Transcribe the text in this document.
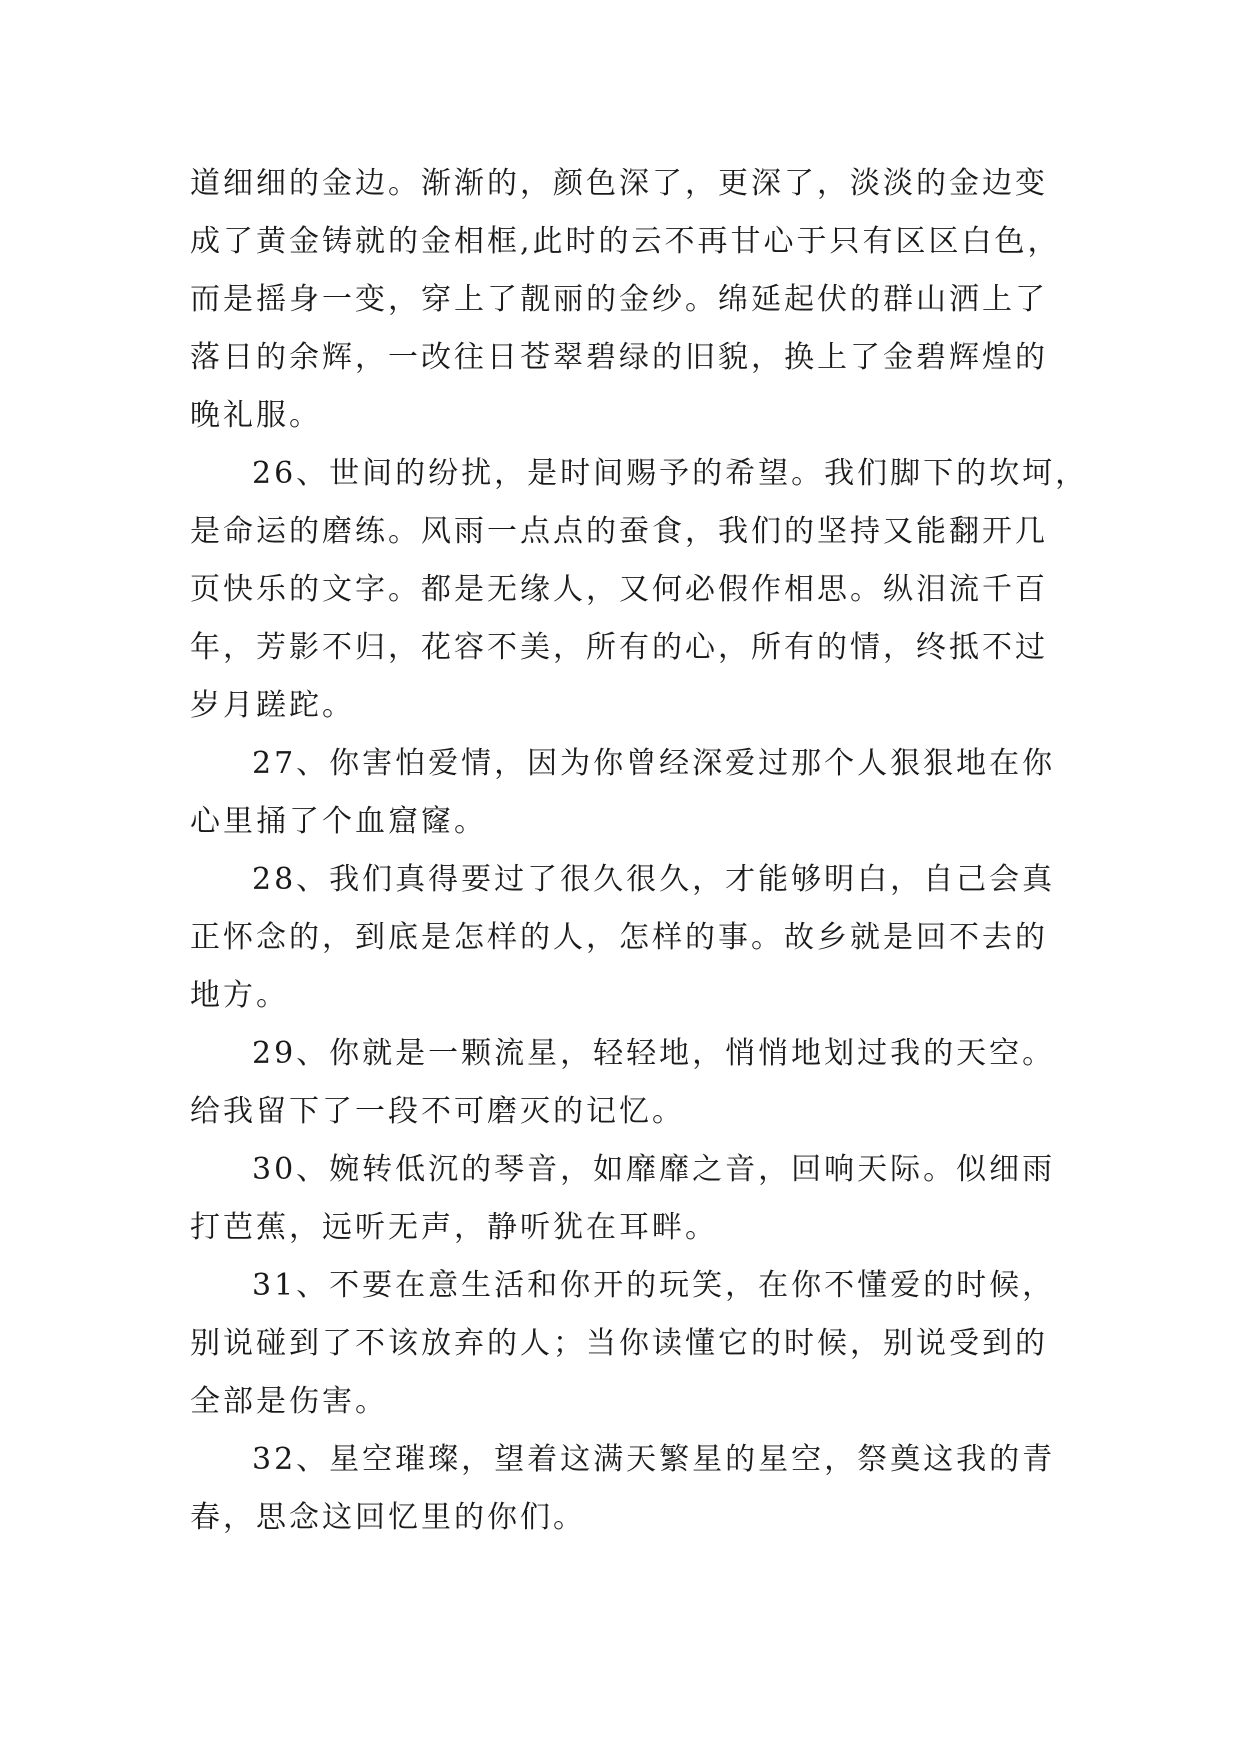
道细细的金边。渐渐的，颜色深了，更深了，淡淡的金边变
成了黄金铸就的金相框,此时的云不再甘心于只有区区白色，
而是摇身一变，穿上了靓丽的金纱。绵延起伏的群山洒上了
落日的余辉，一改往日苍翠碧绿的旧貌，换上了金碧辉煌的
晚礼服。
26、世间的纷扰，是时间赐予的希望。我们脚下的坎坷，
是命运的磨练。风雨一点点的蚕食，我们的坚持又能翻开几
页快乐的文字。都是无缘人，又何必假作相思。纵泪流千百
年，芳影不归，花容不美，所有的心，所有的情，终抵不过
岁月蹉跎。
27、你害怕爱情，因为你曾经深爱过那个人狠狠地在你
心里捅了个血窟窿。
28、我们真得要过了很久很久，才能够明白，自己会真
正怀念的，到底是怎样的人，怎样的事。故乡就是回不去的
地方。
29、你就是一颗流星，轻轻地，悄悄地划过我的天空。
给我留下了一段不可磨灭的记忆。
30、婉转低沉的琴音，如靡靡之音，回响天际。似细雨
打芭蕉，远听无声，静听犹在耳畔。
31、不要在意生活和你开的玩笑，在你不懂爱的时候，
别说碰到了不该放弃的人；当你读懂它的时候，别说受到的
全部是伤害。
32、星空璀璨，望着这满天繁星的星空，祭奠这我的青
春，思念这回忆里的你们。
